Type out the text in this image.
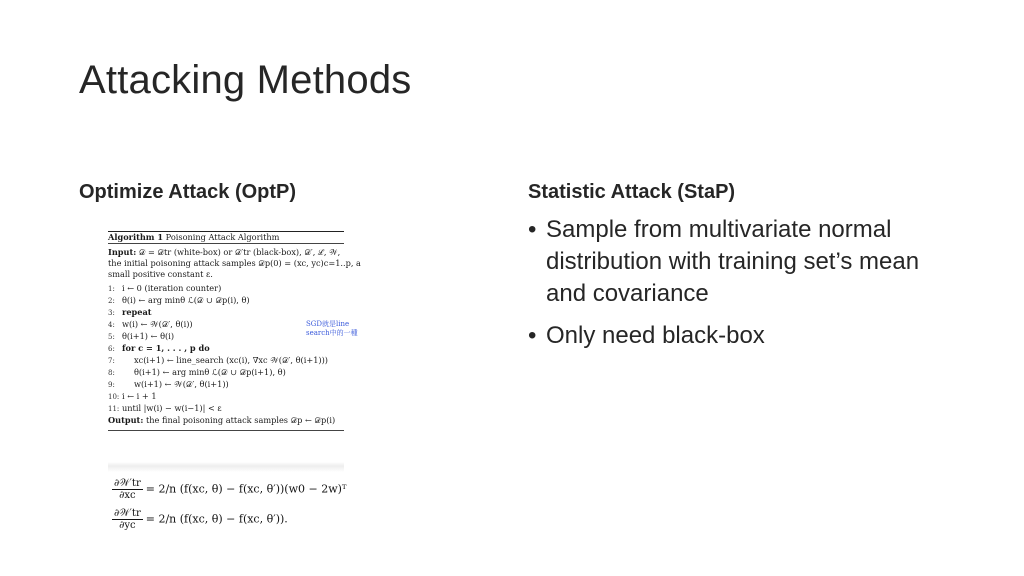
Attacking Methods
Optimize Attack (OptP)	Statistic Attack (StaP)
• Sample from multivariate normal distribution with training set’s mean and covariance
• Only need black-box
Algorithm 1 Poisoning Attack Algorithm
Input: 𝒟 = 𝒟tr (white-box) or 𝒟′tr (black-box), 𝒟′, ℒ, 𝒲,
the initial poisoning attack samples 𝒟p(0) = (xc, yc)c=1..p, a
small positive constant ε.
1: i ← 0 (iteration counter)
2: θ(i) ← arg minθ ℒ(𝒟 ∪ 𝒟p(i), θ)
3: repeat
4: w(i) ← 𝒲(𝒟′, θ(i))
5: θ(i+1) ← θ(i)
6: for c = 1, . . . , p do
7: xc(i+1) ← line_search (xc(i), ∇xc 𝒲(𝒟′, θ(i+1)))
8: θ(i+1) ← arg minθ ℒ(𝒟 ∪ 𝒟p(i+1), θ)
9: w(i+1) ← 𝒲(𝒟′, θ(i+1))
10: i ← i + 1
11: until |w(i) − w(i−1)| < ε
Output: the final poisoning attack samples 𝒟p ← 𝒟p(i)
SGD就是line search中的一種
$\frac{\text{∂𝒲′tr}}{\partial xc} = 2/n$ (f(xc, θ) − f(xc, θ′))(w0 − 2w)ᵀ
$\frac{\text{∂𝒲′tr}}{\partial yc} = 2/n$ (f(xc, θ) − f(xc, θ′)).
